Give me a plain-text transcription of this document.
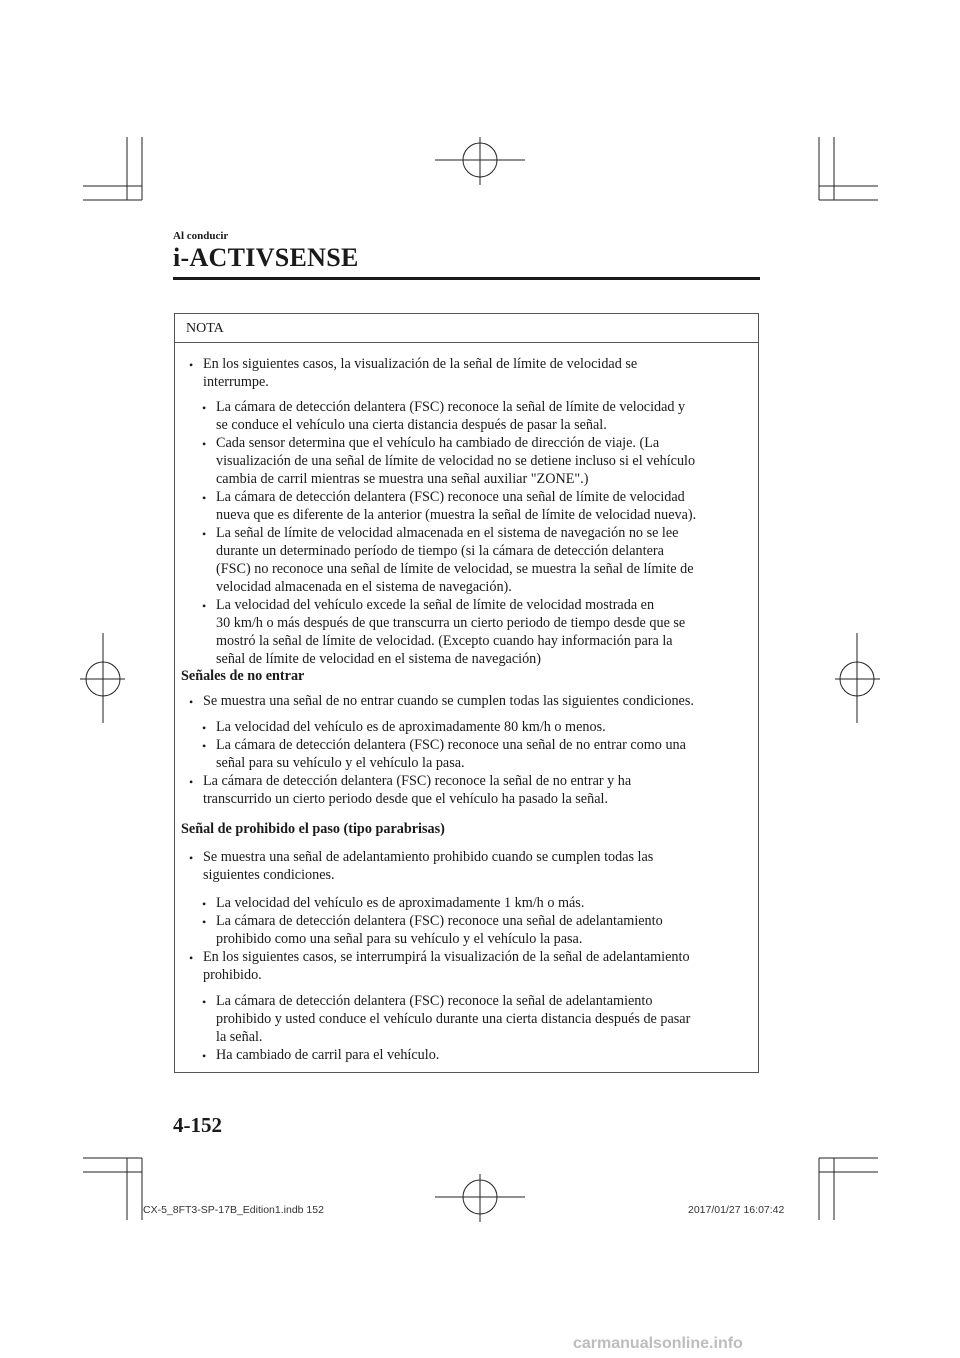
Al conducir
i-ACTIVSENSE
NOTA
• En los siguientes casos, la visualización de la señal de límite de velocidad se
interrumpe.
• La cámara de detección delantera (FSC) reconoce la señal de límite de velocidad y
se conduce el vehículo una cierta distancia después de pasar la señal.
• Cada sensor determina que el vehículo ha cambiado de dirección de viaje. (La
visualización de una señal de límite de velocidad no se detiene incluso si el vehículo
cambia de carril mientras se muestra una señal auxiliar "ZONE".)
• La cámara de detección delantera (FSC) reconoce una señal de límite de velocidad
nueva que es diferente de la anterior (muestra la señal de límite de velocidad nueva).
• La señal de límite de velocidad almacenada en el sistema de navegación no se lee
durante un determinado período de tiempo (si la cámara de detección delantera
(FSC) no reconoce una señal de límite de velocidad, se muestra la señal de límite de
velocidad almacenada en el sistema de navegación).
• La velocidad del vehículo excede la señal de límite de velocidad mostrada en
30 km/h o más después de que transcurra un cierto periodo de tiempo desde que se
mostró la señal de límite de velocidad. (Excepto cuando hay información para la
señal de límite de velocidad en el sistema de navegación)
Señales de no entrar
• Se muestra una señal de no entrar cuando se cumplen todas las siguientes condiciones.
• La velocidad del vehículo es de aproximadamente 80 km/h o menos.
• La cámara de detección delantera (FSC) reconoce una señal de no entrar como una
señal para su vehículo y el vehículo la pasa.
• La cámara de detección delantera (FSC) reconoce la señal de no entrar y ha
transcurrido un cierto periodo desde que el vehículo ha pasado la señal.
Señal de prohibido el paso (tipo parabrisas)
• Se muestra una señal de adelantamiento prohibido cuando se cumplen todas las
siguientes condiciones.
• La velocidad del vehículo es de aproximadamente 1 km/h o más.
• La cámara de detección delantera (FSC) reconoce una señal de adelantamiento
prohibido como una señal para su vehículo y el vehículo la pasa.
• En los siguientes casos, se interrumpirá la visualización de la señal de adelantamiento
prohibido.
• La cámara de detección delantera (FSC) reconoce la señal de adelantamiento
prohibido y usted conduce el vehículo durante una cierta distancia después de pasar
la señal.
• Ha cambiado de carril para el vehículo.
4-152
CX-5_8FT3-SP-17B_Edition1.indb 152	2017/01/27 16:07:42
carmanualsonline.info
